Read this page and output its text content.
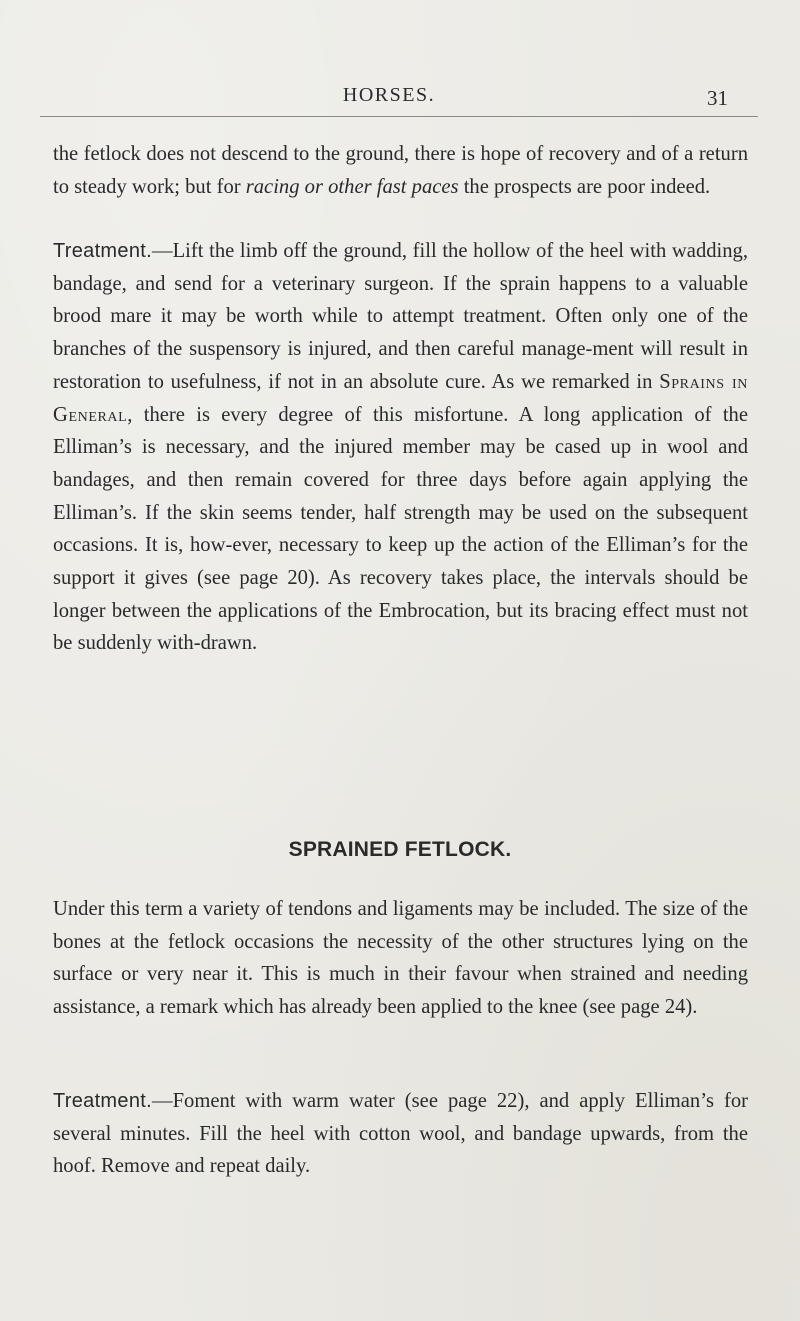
HORSES.	31

the fetlock does not descend to the ground, there is hope of recovery and of a return to steady work; but for racing or other fast paces the prospects are poor indeed.

Treatment.—Lift the limb off the ground, fill the hollow of the heel with wadding, bandage, and send for a veterinary surgeon. If the sprain happens to a valuable brood mare it may be worth while to attempt treatment. Often only one of the branches of the suspensory is injured, and then careful manage-ment will result in restoration to usefulness, if not in an absolute cure. As we remarked in Sprains in General, there is every degree of this misfortune. A long application of the Elliman’s is necessary, and the injured member may be cased up in wool and bandages, and then remain covered for three days before again applying the Elliman’s. If the skin seems tender, half strength may be used on the subsequent occasions. It is, how-ever, necessary to keep up the action of the Elliman’s for the support it gives (see page 20). As recovery takes place, the intervals should be longer between the applications of the Embrocation, but its bracing effect must not be suddenly with-drawn.

SPRAINED FETLOCK.

Under this term a variety of tendons and ligaments may be included. The size of the bones at the fetlock occasions the necessity of the other structures lying on the surface or very near it. This is much in their favour when strained and needing assistance, a remark which has already been applied to the knee (see page 24).

Treatment.—Foment with warm water (see page 22), and apply Elliman’s for several minutes. Fill the heel with cotton wool, and bandage upwards, from the hoof. Remove and repeat daily.
